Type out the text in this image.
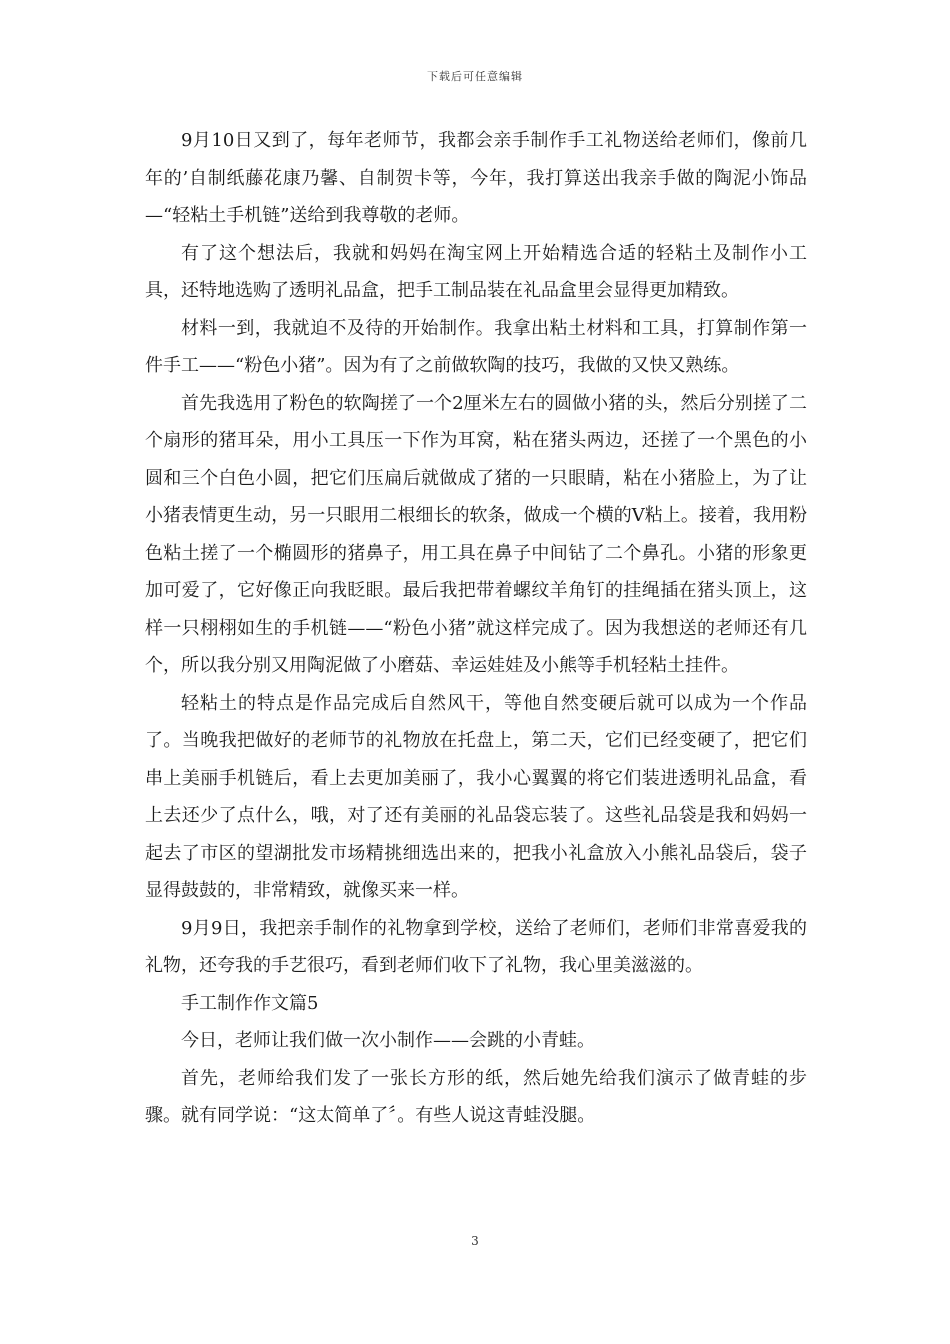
下载后可任意编辑

9月10日又到了，每年老师节，我都会亲手制作手工礼物送给老师们，像前几年的’自制纸藤花康乃馨、自制贺卡等，今年，我打算送出我亲手做的陶泥小饰品—“轻粘土手机链”送给到我尊敬的老师。

有了这个想法后，我就和妈妈在淘宝网上开始精选合适的轻粘土及制作小工具，还特地选购了透明礼品盒，把手工制品装在礼品盒里会显得更加精致。

材料一到，我就迫不及待的开始制作。我拿出粘土材料和工具，打算制作第一件手工——“粉色小猪”。因为有了之前做软陶的技巧，我做的又快又熟练。

首先我选用了粉色的软陶搓了一个2厘米左右的圆做小猪的头，然后分别搓了二个扇形的猪耳朵，用小工具压一下作为耳窝，粘在猪头两边，还搓了一个黑色的小圆和三个白色小圆，把它们压扁后就做成了猪的一只眼睛，粘在小猪脸上，为了让小猪表情更生动，另一只眼用二根细长的软条，做成一个横的V粘上。接着，我用粉色粘土搓了一个椭圆形的猪鼻子，用工具在鼻子中间钻了二个鼻孔。小猪的形象更加可爱了，它好像正向我眨眼。最后我把带着螺纹羊角钉的挂绳插在猪头顶上，这样一只栩栩如生的手机链——“粉色小猪”就这样完成了。因为我想送的老师还有几个，所以我分别又用陶泥做了小磨菇、幸运娃娃及小熊等手机轻粘土挂件。

轻粘土的特点是作品完成后自然风干，等他自然变硬后就可以成为一个作品了。当晚我把做好的老师节的礼物放在托盘上，第二天，它们已经变硬了，把它们串上美丽手机链后，看上去更加美丽了，我小心翼翼的将它们装进透明礼品盒，看上去还少了点什么，哦，对了还有美丽的礼品袋忘装了。这些礼品袋是我和妈妈一起去了市区的望湖批发市场精挑细选出来的，把我小礼盒放入小熊礼品袋后，袋子显得鼓鼓的，非常精致，就像买来一样。

9月9日，我把亲手制作的礼物拿到学校，送给了老师们，老师们非常喜爱我的礼物，还夸我的手艺很巧，看到老师们收下了礼物，我心里美滋滋的。

手工制作作文篇5

今日，老师让我们做一次小制作——会跳的小青蛙。

首先，老师给我们发了一张长方形的纸，然后她先给我们演示了做青蛙的步骤。就有同学说：“这太简单了〞。有些人说这青蛙没腿。

3
